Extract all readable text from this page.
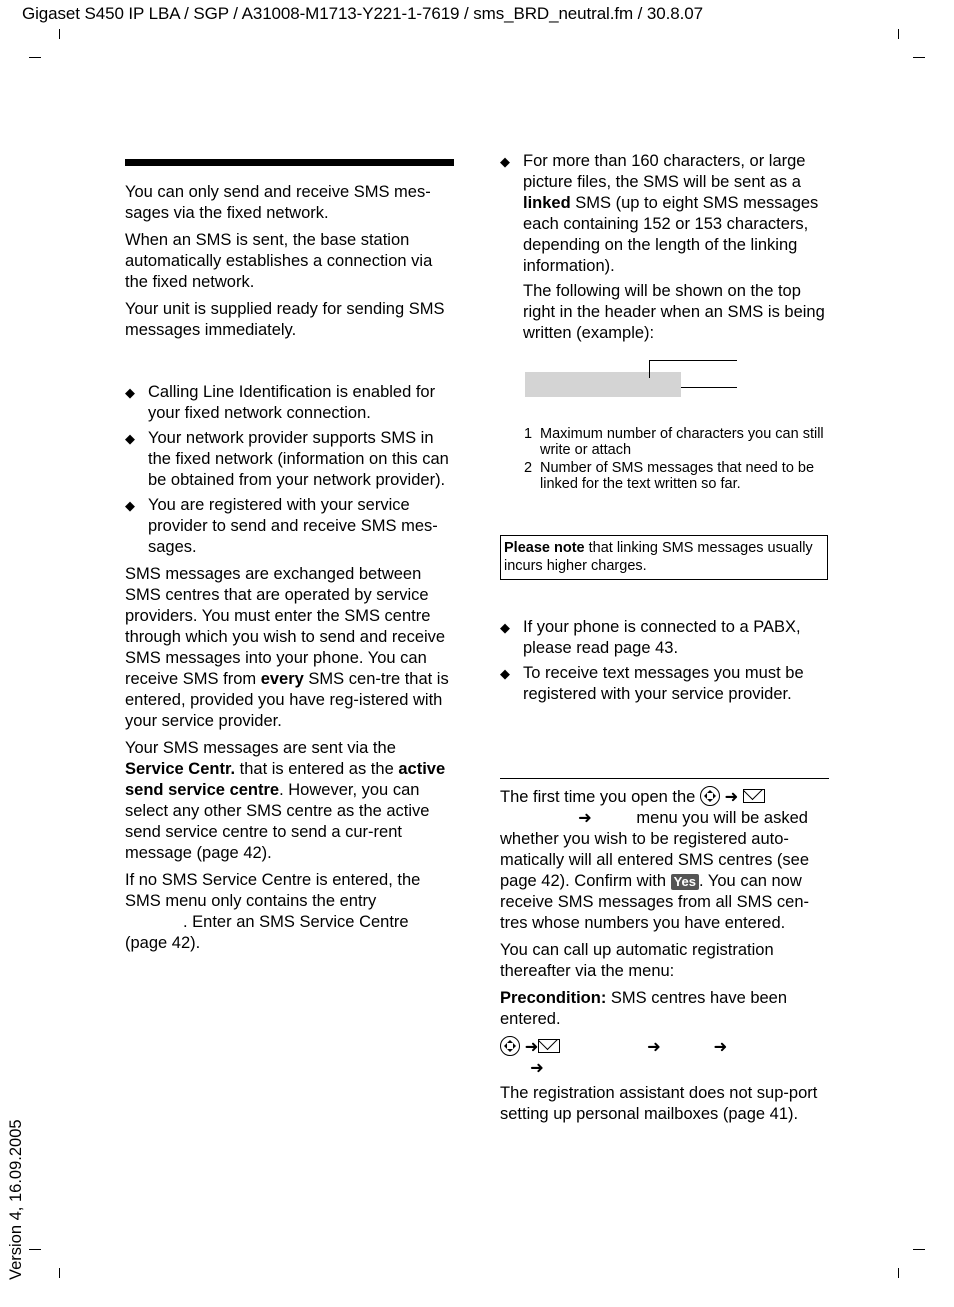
Gigaset S450 IP LBA / SGP / A31008-M1713-Y221-1-7619 / sms_BRD_neutral.fm / 30.8.07
Version 4, 16.09.2005

You can only send and receive SMS mes-sages via the fixed network.

When an SMS is sent, the base station automatically establishes a connection via the fixed network.

Your unit is supplied ready for sending SMS messages immediately.

◆ Calling Line Identification is enabled for your fixed network connection.
◆ Your network provider supports SMS in the fixed network (information on this can be obtained from your network provider).
◆ You are registered with your service provider to send and receive SMS mes-sages.

SMS messages are exchanged between SMS centres that are operated by service providers. You must enter the SMS centre through which you wish to send and receive SMS messages into your phone. You can receive SMS from every SMS cen-tre that is entered, provided you have reg-istered with your service provider.

Your SMS messages are sent via the Service Centr. that is entered as the active send service centre. However, you can select any other SMS centre as the active send service centre to send a cur-rent message (page 42).

If no SMS Service Centre is entered, the SMS menu only contains the entry
. Enter an SMS Service Centre (page 42).

◆ For more than 160 characters, or large picture files, the SMS will be sent as a linked SMS (up to eight SMS messages each containing 152 or 153 characters, depending on the length of the linking information).

The following will be shown on the top right in the header when an SMS is being written (example):

1 Maximum number of characters you can still write or attach
2 Number of SMS messages that need to be linked for the text written so far.
Please note that linking SMS messages usually incurs higher charges.
◆ If your phone is connected to a PABX, please read page 43.
◆ To receive text messages you must be registered with your service provider.

The first time you open the ➜
➜	menu you will be asked whether you wish to be registered auto-matically will all entered SMS centres (see page 42). Confirm with Yes . You can now receive SMS messages from all SMS cen-tres whose numbers you have entered.

You can call up automatic registration thereafter via the menu:

Precondition: SMS centres have been entered.

➜	➜	➜
➜

The registration assistant does not sup-port setting up personal mailboxes (page 41).
